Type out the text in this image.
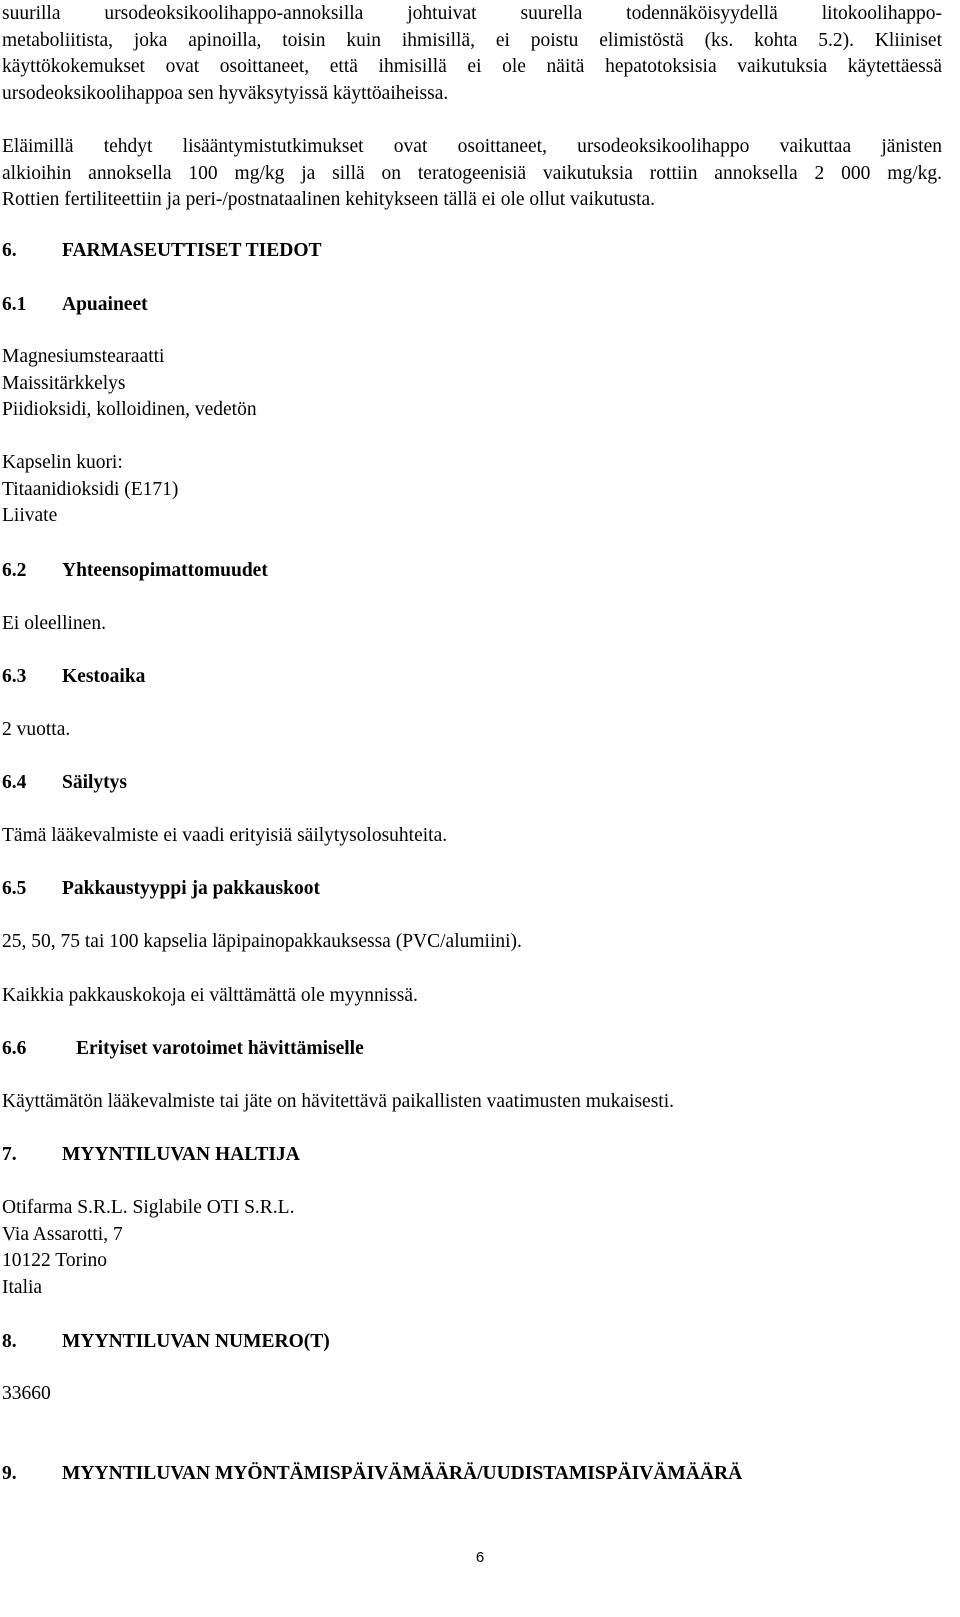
suurilla ursodeoksikoolihappo-annoksilla johtuivat suurella todennäköisyydellä litokoolihappo-
metaboliitista, joka apinoilla, toisin kuin ihmisillä, ei poistu elimistöstä (ks. kohta 5.2). Kliiniset
käyttökokemukset ovat osoittaneet, että ihmisillä ei ole näitä hepatotoksisia vaikutuksia käytettäessä
ursodeoksikoolihappoa sen hyväksytyissä käyttöaiheissa.
Eläimillä tehdyt lisääntymistutkimukset ovat osoittaneet, ursodeoksikoolihappo vaikuttaa jänisten
alkioihin annoksella 100 mg/kg ja sillä on teratogeenisiä vaikutuksia rottiin annoksella 2 000 mg/kg.
Rottien fertiliteettiin ja peri-/postnataalinen kehitykseen tällä ei ole ollut vaikutusta.
6. FARMASEUTTISET TIEDOT
6.1 Apuaineet
Magnesiumstearaatti
Maissitärkkelys
Piidioksidi, kolloidinen, vedetön
Kapselin kuori:
Titaanidioksidi (E171)
Liivate
6.2 Yhteensopimattomuudet
Ei oleellinen.
6.3 Kestoaika
2 vuotta.
6.4 Säilytys
Tämä lääkevalmiste ei vaadi erityisiä säilytysolosuhteita.
6.5 Pakkaustyyppi ja pakkauskoot
25, 50, 75 tai 100 kapselia läpipainopakkauksessa (PVC/alumiini).
Kaikkia pakkauskokoja ei välttämättä ole myynnissä.
6.6	Erityiset varotoimet hävittämiselle
Käyttämätön lääkevalmiste tai jäte on hävitettävä paikallisten vaatimusten mukaisesti.
7. MYYNTILUVAN HALTIJA
Otifarma S.R.L. Siglabile OTI S.R.L.
Via Assarotti, 7
10122 Torino
Italia
8. MYYNTILUVAN NUMERO(T)
33660
9. MYYNTILUVAN MYÖNTÄMISPÄIVÄMÄÄRÄ/UUDISTAMISPÄIVÄMÄÄRÄ
6
